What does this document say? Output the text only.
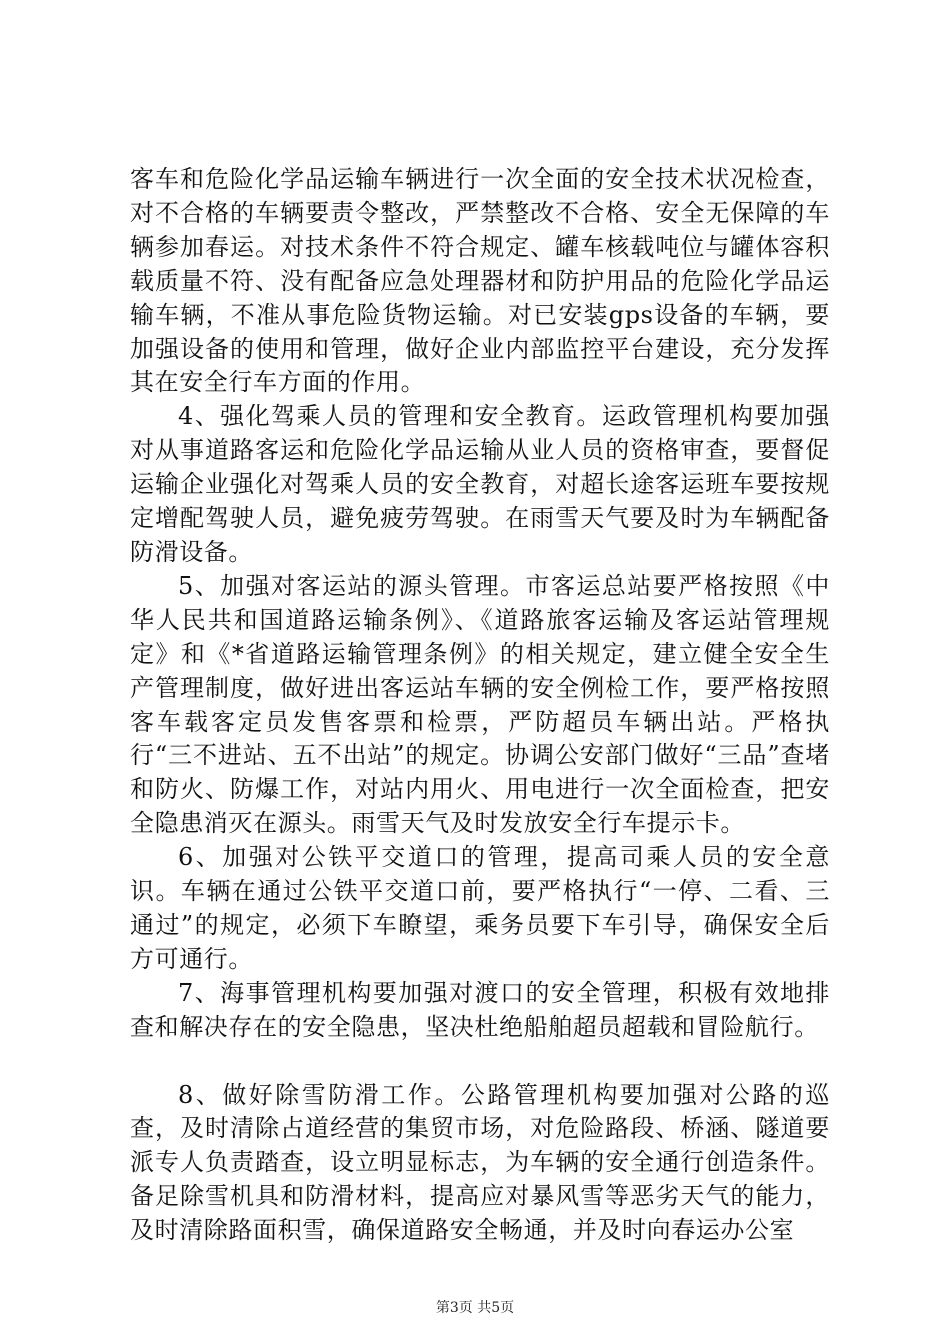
客车和危险化学品运输车辆进行一次全面的安全技术状况检查，对不合格的车辆要责令整改，严禁整改不合格、安全无保障的车辆参加春运。对技术条件不符合规定、罐车核载吨位与罐体容积载质量不符、没有配备应急处理器材和防护用品的危险化学品运输车辆，不准从事危险货物运输。对已安装gps设备的车辆，要加强设备的使用和管理，做好企业内部监控平台建设，充分发挥其在安全行车方面的作用。

4、强化驾乘人员的管理和安全教育。运政管理机构要加强对从事道路客运和危险化学品运输从业人员的资格审查，要督促运输企业强化对驾乘人员的安全教育，对超长途客运班车要按规定增配驾驶人员，避免疲劳驾驶。在雨雪天气要及时为车辆配备防滑设备。

5、加强对客运站的源头管理。市客运总站要严格按照《中华人民共和国道路运输条例》、《道路旅客运输及客运站管理规定》和《*省道路运输管理条例》的相关规定，建立健全安全生产管理制度，做好进出客运站车辆的安全例检工作，要严格按照客车载客定员发售客票和检票，严防超员车辆出站。严格执行“三不进站、五不出站”的规定。协调公安部门做好“三品”查堵和防火、防爆工作，对站内用火、用电进行一次全面检查，把安全隐患消灭在源头。雨雪天气及时发放安全行车提示卡。

6、加强对公铁平交道口的管理，提高司乘人员的安全意识。车辆在通过公铁平交道口前，要严格执行“一停、二看、三通过”的规定，必须下车瞭望，乘务员要下车引导，确保安全后方可通行。

7、海事管理机构要加强对渡口的安全管理，积极有效地排查和解决存在的安全隐患，坚决杜绝船舶超员超载和冒险航行。

8、做好除雪防滑工作。公路管理机构要加强对公路的巡查，及时清除占道经营的集贸市场，对危险路段、桥涵、隧道要派专人负责踏查，设立明显标志，为车辆的安全通行创造条件。备足除雪机具和防滑材料，提高应对暴风雪等恶劣天气的能力，及时清除路面积雪，确保道路安全畅通，并及时向春运办公室

第3页 共5页
